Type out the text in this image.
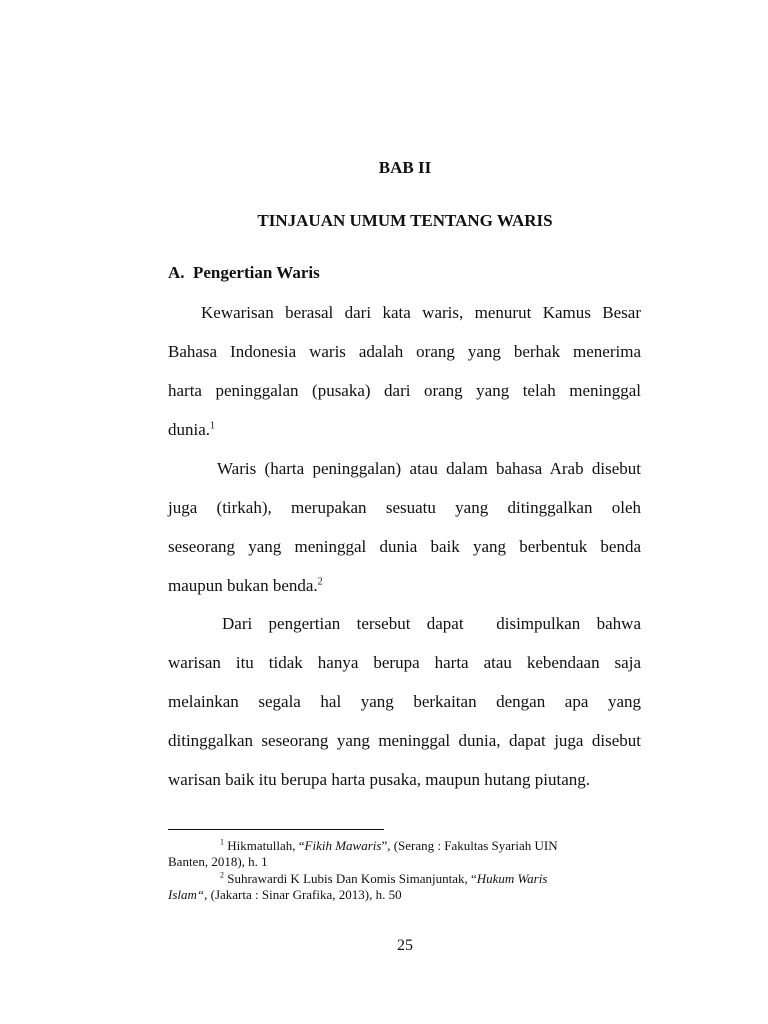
BAB II
TINJAUAN UMUM TENTANG WARIS
A. Pengertian Waris
Kewarisan berasal dari kata waris, menurut Kamus Besar
Bahasa Indonesia waris adalah orang yang berhak menerima
harta peninggalan (pusaka) dari orang yang telah meninggal
dunia.$^1$
Waris (harta peninggalan) atau dalam bahasa Arab disebut
juga (tirkah), merupakan sesuatu yang ditinggalkan oleh
seseorang yang meninggal dunia baik yang berbentuk benda
maupun bukan benda.$^2$
Dari pengertian tersebut dapat  disimpulkan bahwa
warisan itu tidak hanya berupa harta atau kebendaan saja
melainkan segala hal yang berkaitan dengan apa yang
ditinggalkan seseorang yang meninggal dunia, dapat juga disebut
warisan baik itu berupa harta pusaka, maupun hutang piutang.
$^1$ Hikmatullah, “Fikih Mawaris”, (Serang : Fakultas Syariah UIN
Banten, 2018), h. 1
$^2$ Suhrawardi K Lubis Dan Komis Simanjuntak, “Hukum Waris
Islam“, (Jakarta : Sinar Grafika, 2013), h. 50
25
